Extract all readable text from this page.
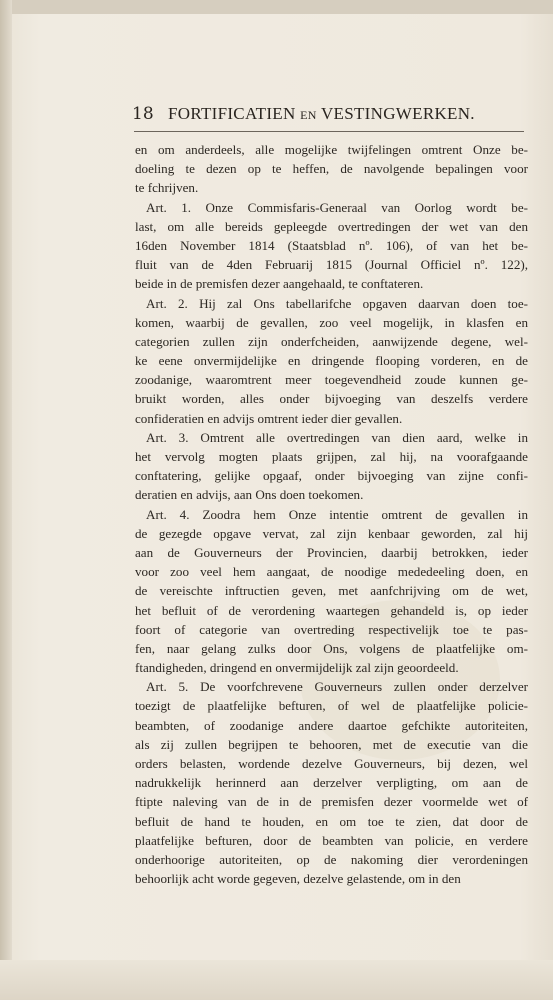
18 FORTIFICATIEN EN VESTINGWERKEN.
en om anderdeels, alle mogelijke twijfelingen omtrent Onze be-
doeling te dezen op te heffen, de navolgende bepalingen voor
te fchrijven.
Art. 1. Onze Commisfaris-Generaal van Oorlog wordt be-
last, om alle bereids gepleegde overtredingen der wet van den
16den November 1814 (Staatsblad nº. 106), of van het be-
fluit van de 4den Februarij 1815 (Journal Officiel nº. 122),
beide in de premisfen dezer aangehaald, te conftateren.
Art. 2. Hij zal Ons tabellarifche opgaven daarvan doen toe-
komen, waarbij de gevallen, zoo veel mogelijk, in klasfen en
categorien zullen zijn onderfcheiden, aanwijzende degene, wel-
ke eene onvermijdelijke en dringende flooping vorderen, en de
zoodanige, waaromtrent meer toegevendheid zoude kunnen ge-
bruikt worden, alles onder bijvoeging van deszelfs verdere
confideratien en advijs omtrent ieder dier gevallen.
Art. 3. Omtrent alle overtredingen van dien aard, welke in
het vervolg mogten plaats grijpen, zal hij, na voorafgaande
conftatering, gelijke opgaaf, onder bijvoeging van zijne confi-
deratien en advijs, aan Ons doen toekomen.
Art. 4. Zoodra hem Onze intentie omtrent de gevallen in
de gezegde opgave vervat, zal zijn kenbaar geworden, zal hij
aan de Gouverneurs der Provincien, daarbij betrokken, ieder
voor zoo veel hem aangaat, de noodige mededeeling doen, en
de vereischte inftructien geven, met aanfchrijving om de wet,
het befluit of de verordening waartegen gehandeld is, op ieder
foort of categorie van overtreding respectivelijk toe te pas-
fen, naar gelang zulks door Ons, volgens de plaatfelijke om-
ftandigheden, dringend en onvermijdelijk zal zijn geoordeeld.
Art. 5. De voorfchrevene Gouverneurs zullen onder derzelver
toezigt de plaatfelijke befturen, of wel de plaatfelijke policie-
beambten, of zoodanige andere daartoe gefchikte autoriteiten,
als zij zullen begrijpen te behooren, met de executie van die
orders belasten, wordende dezelve Gouverneurs, bij dezen, wel
nadrukkelijk herinnerd aan derzelver verpligting, om aan de
ftipte naleving van de in de premisfen dezer voormelde wet of
befluit de hand te houden, en om toe te zien, dat door de
plaatfelijke befturen, door de beambten van policie, en verdere
onderhoorige autoriteiten, op de nakoming dier verordeningen
behoorlijk acht worde gegeven, dezelve gelastende, om in den
